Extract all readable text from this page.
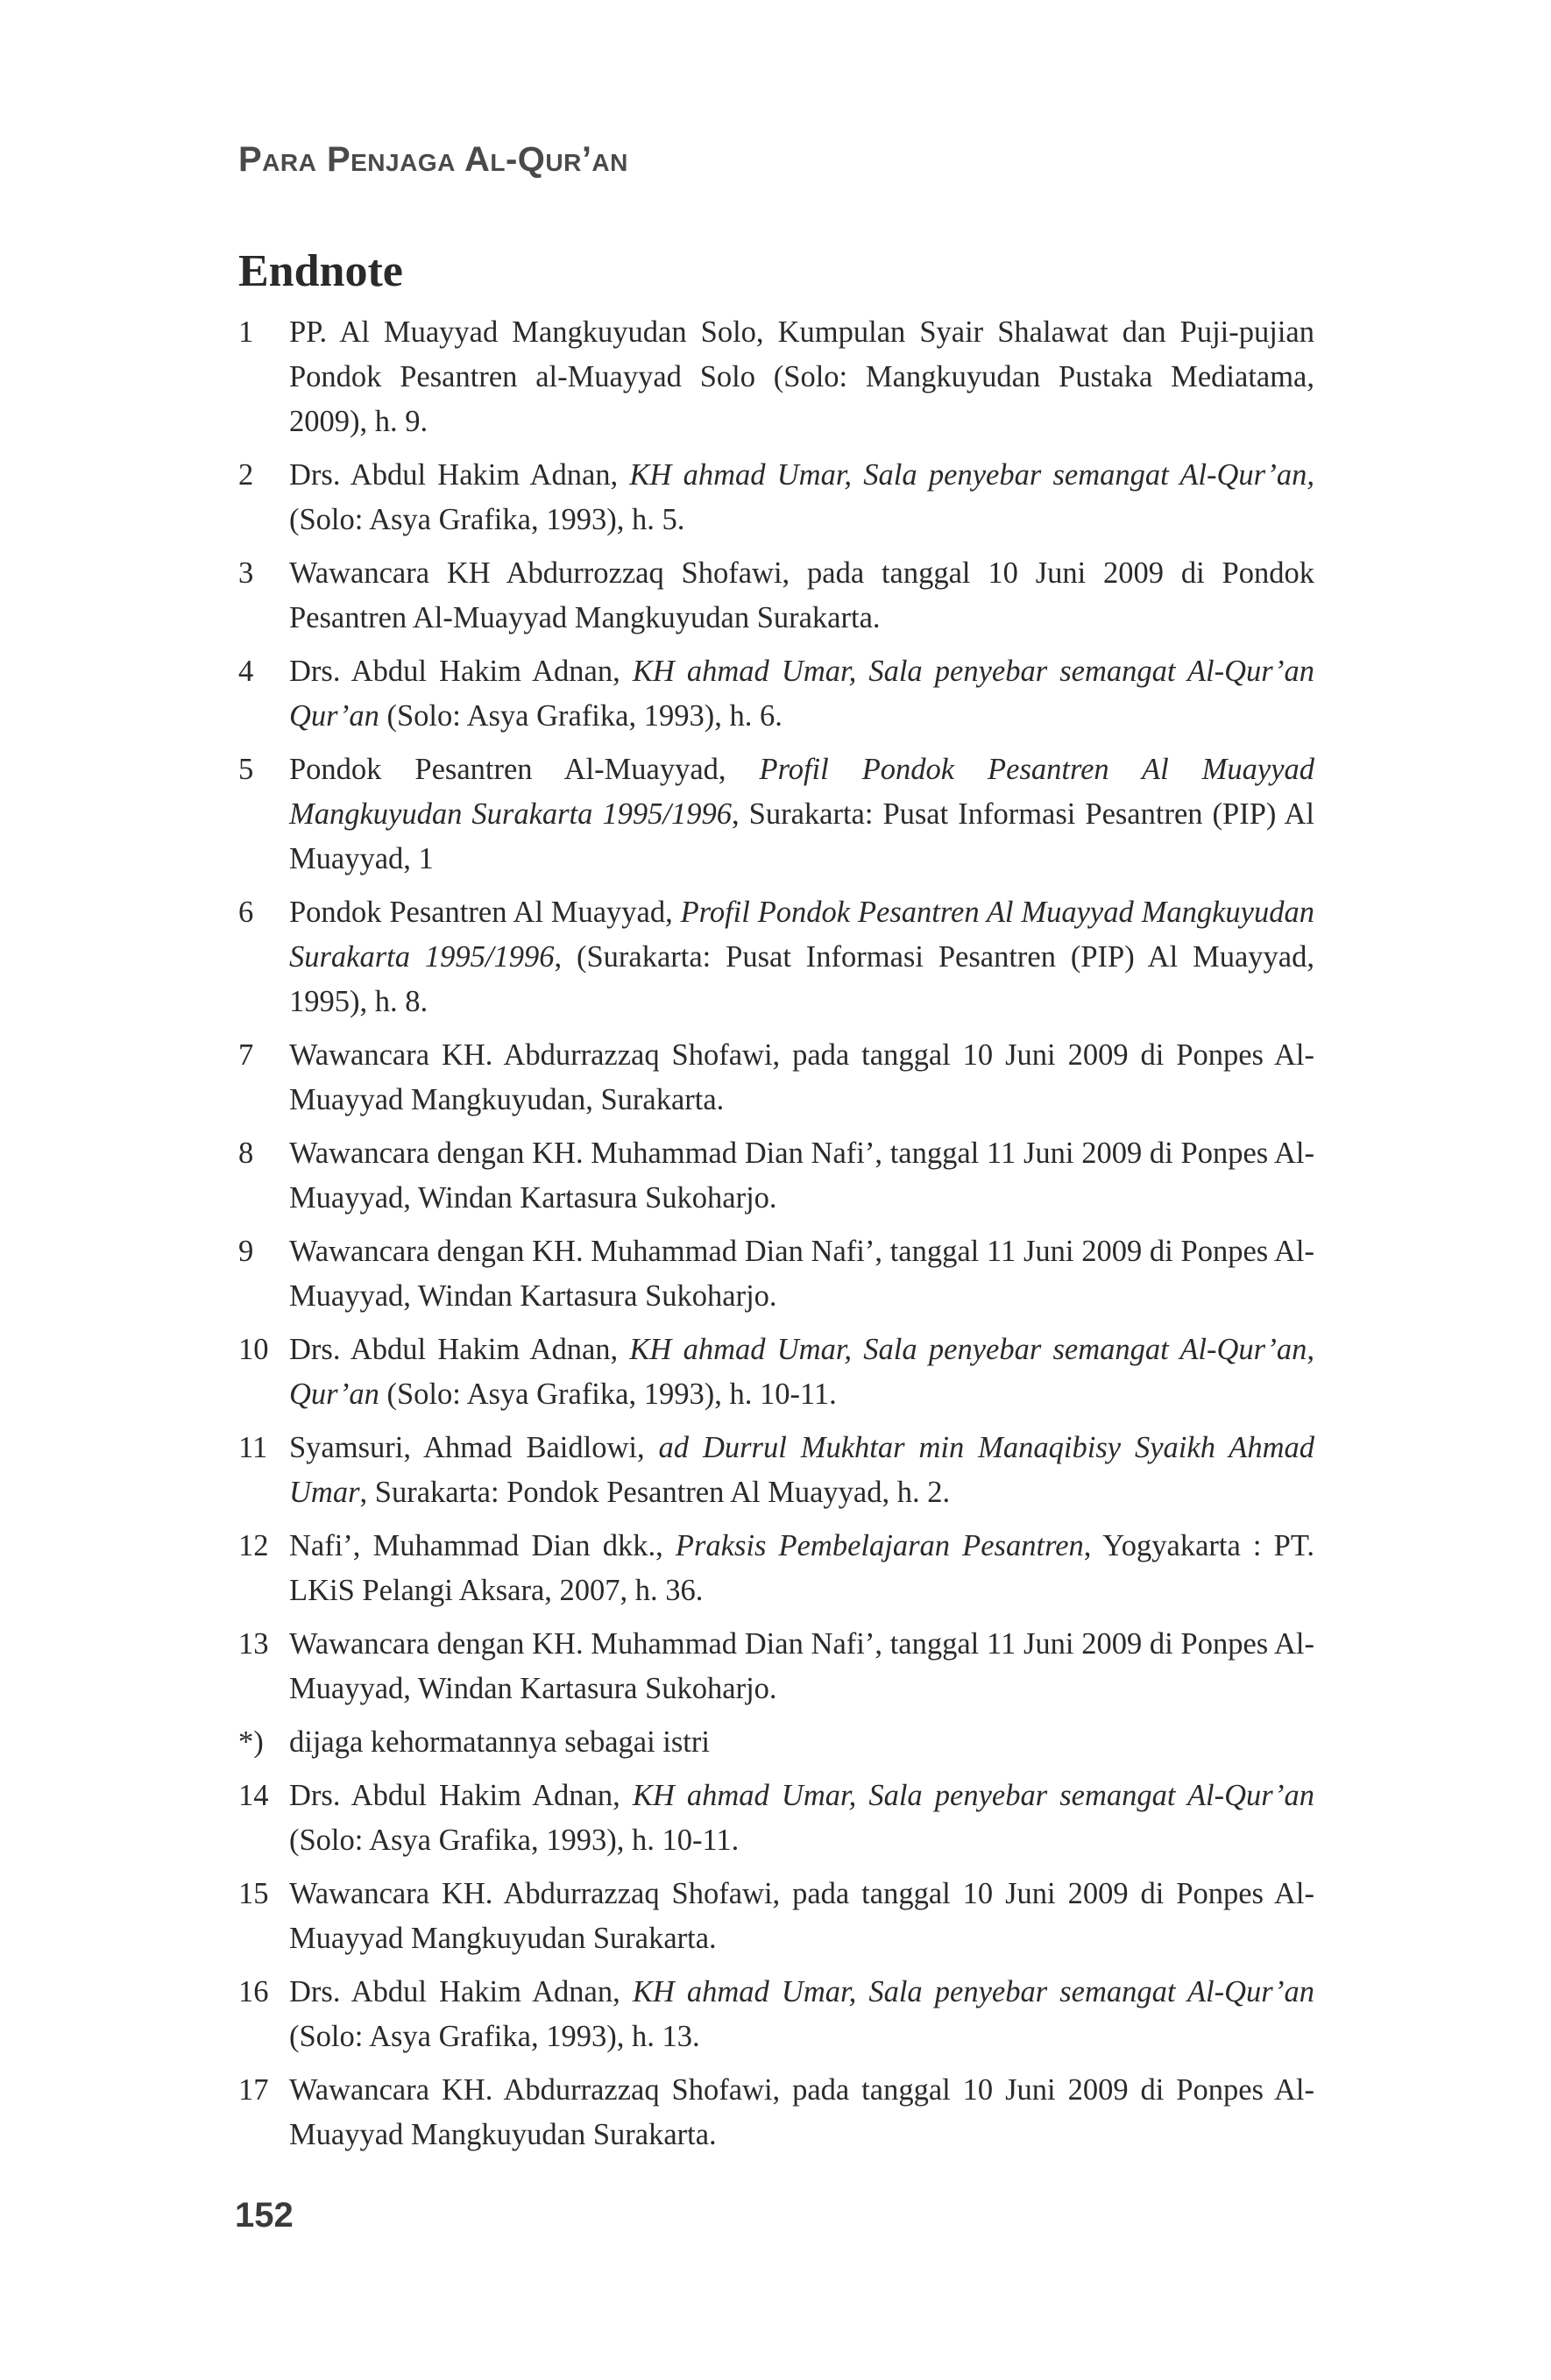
Para Penjaga Al-Qur’an
Endnote
1	PP. Al Muayyad Mangkuyudan Solo, Kumpulan Syair Shalawat dan Puji-pujian Pondok Pesantren al-Muayyad Solo (Solo: Mangkuyudan Pustaka Mediatama, 2009), h. 9.
2	Drs. Abdul Hakim Adnan, KH ahmad Umar, Sala penyebar semangat Al-Qur’an, (Solo: Asya Grafika, 1993), h. 5.
3	Wawancara KH Abdurrozzaq Shofawi, pada tanggal 10 Juni 2009 di Pondok Pesantren Al-Muayyad Mangkuyudan Surakarta.
4	Drs. Abdul Hakim Adnan, KH ahmad Umar, Sala penyebar semangat Al-Qur’an Qur’an (Solo: Asya Grafika, 1993), h. 6.
5	Pondok Pesantren Al-Muayyad, Profil Pondok Pesantren Al Muayyad Mangkuyudan Surakarta 1995/1996, Surakarta: Pusat Informasi Pesantren (PIP) Al Muayyad, 1
6	Pondok Pesantren Al Muayyad, Profil Pondok Pesantren Al Muayyad Mangkuyudan Surakarta 1995/1996, (Surakarta: Pusat Informasi Pesantren (PIP) Al Muayyad, 1995), h. 8.
7	Wawancara KH. Abdurrazzaq Shofawi, pada tanggal 10 Juni 2009 di Ponpes Al-Muayyad Mangkuyudan, Surakarta.
8	Wawancara dengan KH. Muhammad Dian Nafi’, tanggal 11 Juni 2009 di Ponpes Al-Muayyad, Windan Kartasura Sukoharjo.
9	Wawancara dengan KH. Muhammad Dian Nafi’, tanggal 11 Juni 2009 di Ponpes Al-Muayyad, Windan Kartasura Sukoharjo.
10 Drs. Abdul Hakim Adnan, KH ahmad Umar, Sala penyebar semangat Al-Qur’an, Qur’an (Solo: Asya Grafika, 1993), h. 10-11.
11 Syamsuri, Ahmad Baidlowi, ad Durrul Mukhtar min Manaqibisy Syaikh Ahmad Umar, Surakarta: Pondok Pesantren Al Muayyad, h. 2.
12 Nafi’, Muhammad Dian dkk., Praksis Pembelajaran Pesantren, Yogyakarta : PT. LKiS Pelangi Aksara, 2007, h. 36.
13 Wawancara dengan KH. Muhammad Dian Nafi’, tanggal 11 Juni 2009 di Ponpes Al-Muayyad, Windan Kartasura Sukoharjo.
*) dijaga kehormatannya sebagai istri
14 Drs. Abdul Hakim Adnan, KH ahmad Umar, Sala penyebar semangat Al-Qur’an (Solo: Asya Grafika, 1993), h. 10-11.
15 Wawancara KH. Abdurrazzaq Shofawi, pada tanggal 10 Juni 2009 di Ponpes Al-Muayyad Mangkuyudan Surakarta.
16 Drs. Abdul Hakim Adnan, KH ahmad Umar, Sala penyebar semangat Al-Qur’an (Solo: Asya Grafika, 1993), h. 13.
17 Wawancara KH. Abdurrazzaq Shofawi, pada tanggal 10 Juni 2009 di Ponpes Al-Muayyad Mangkuyudan Surakarta.
152
